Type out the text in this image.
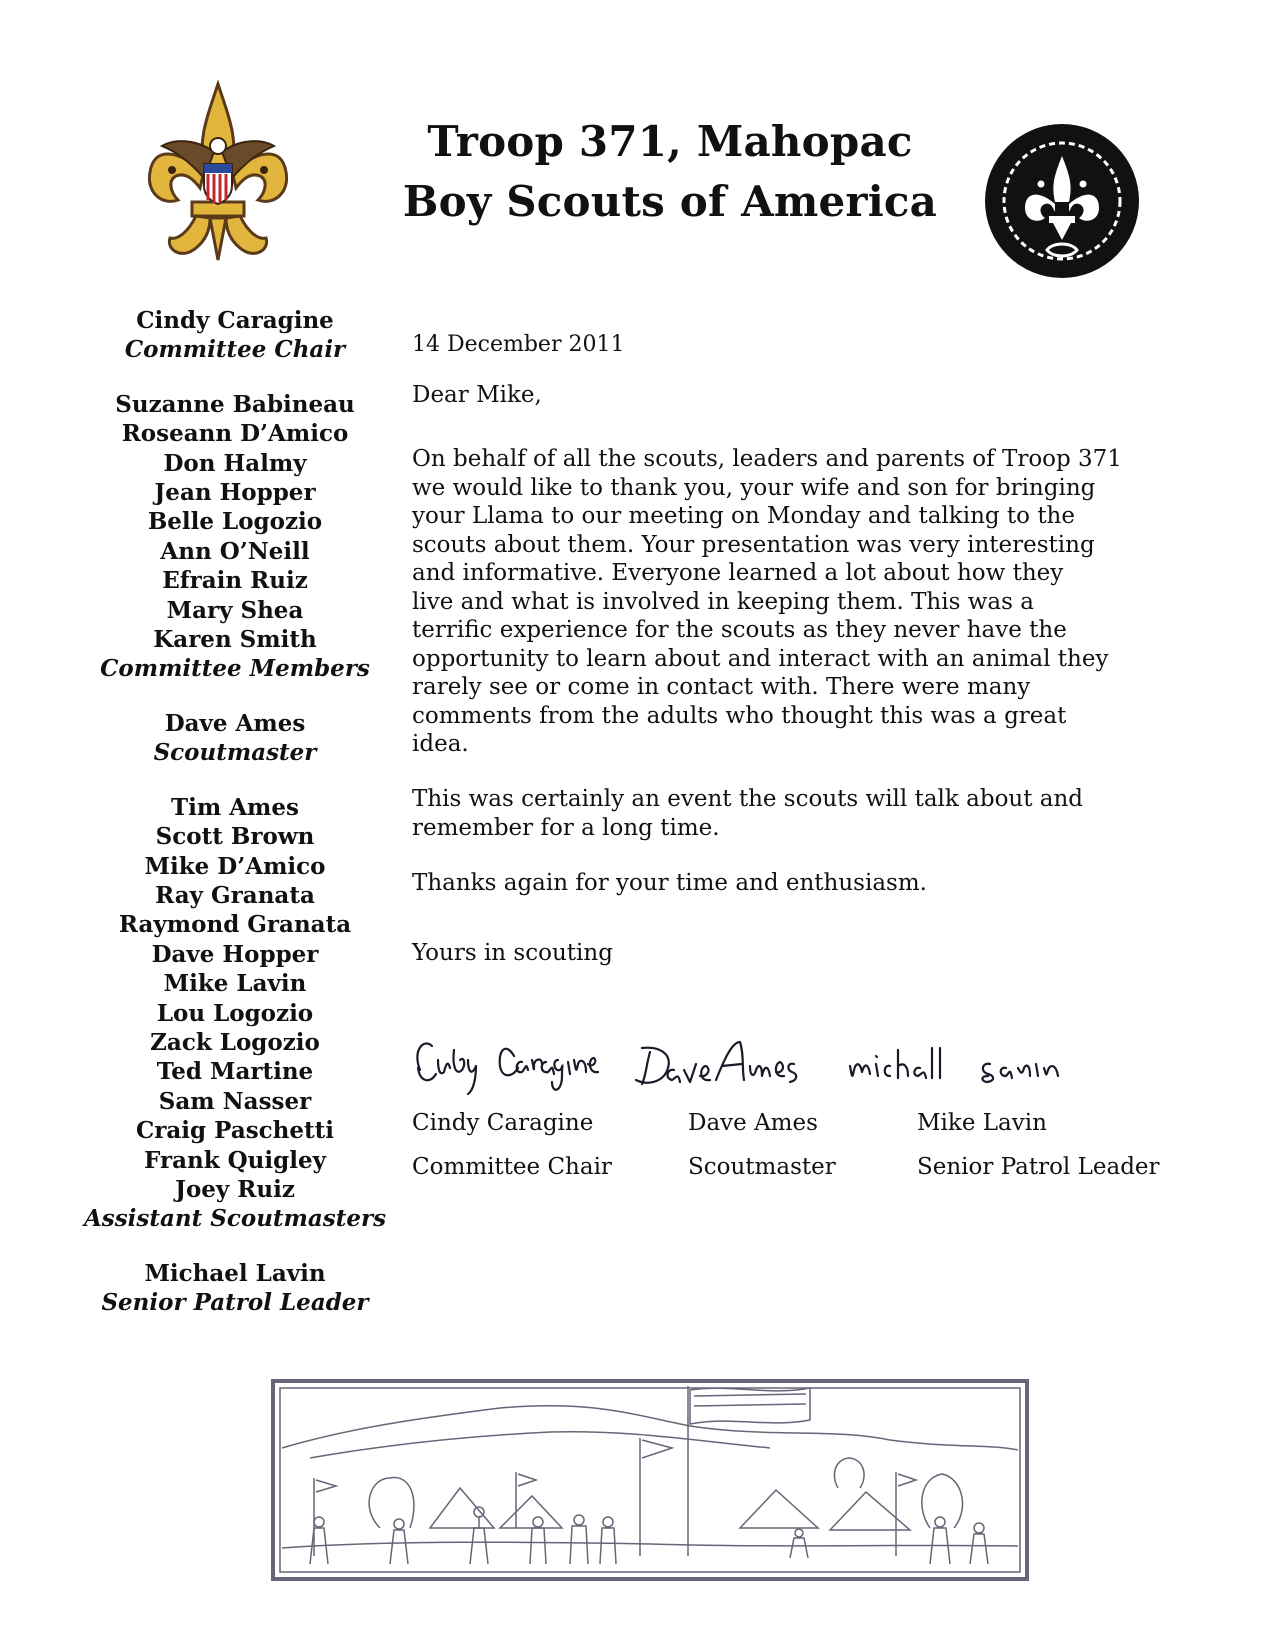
Troop 371, Mahopac
Boy Scouts of America
Cindy Caragine
Committee Chair
Suzanne Babineau
Roseann D’Amico
Don Halmy
Jean Hopper
Belle Logozio
Ann O’Neill
Efrain Ruiz
Mary Shea
Karen Smith
Committee Members
Dave Ames
Scoutmaster
Tim Ames
Scott Brown
Mike D’Amico
Ray Granata
Raymond Granata
Dave Hopper
Mike Lavin
Lou Logozio
Zack Logozio
Ted Martine
Sam Nasser
Craig Paschetti
Frank Quigley
Joey Ruiz
Assistant Scoutmasters
Michael Lavin
Senior Patrol Leader
14 December 2011
Dear Mike,
On behalf of all the scouts, leaders and parents of Troop 371
we would like to thank you, your wife and son for bringing
your Llama to our meeting on Monday and talking to the
scouts about them. Your presentation was very interesting
and informative. Everyone learned a lot about how they
live and what is involved in keeping them. This was a
terrific experience for the scouts as they never have the
opportunity to learn about and interact with an animal they
rarely see or come in contact with. There were many
comments from the adults who thought this was a great
idea.
This was certainly an event the scouts will talk about and
remember for a long time.
Thanks again for your time and enthusiasm.
Yours in scouting
Cindy Caragine
Committee Chair
Dave Ames
Scoutmaster
Mike Lavin
Senior Patrol Leader
